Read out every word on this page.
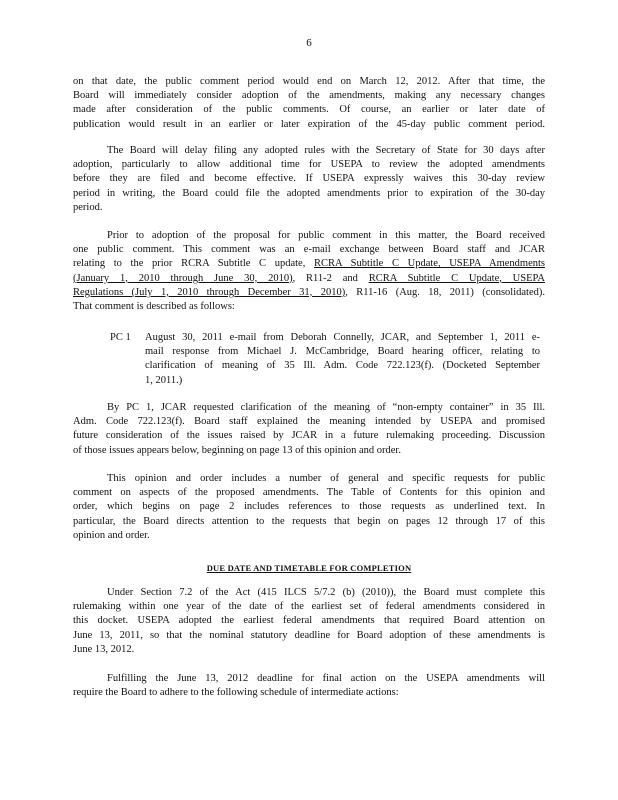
6
on that date, the public comment period would end on March 12, 2012. After that time, the
Board will immediately consider adoption of the amendments, making any necessary changes
made after consideration of the public comments. Of course, an earlier or later date of
publication would result in an earlier or later expiration of the 45-day public comment period.
The Board will delay filing any adopted rules with the Secretary of State for 30 days after
adoption, particularly to allow additional time for USEPA to review the adopted amendments
before they are filed and become effective. If USEPA expressly waives this 30-day review
period in writing, the Board could file the adopted amendments prior to expiration of the 30-day
period.
Prior to adoption of the proposal for public comment in this matter, the Board received
one public comment. This comment was an e-mail exchange between Board staff and JCAR
relating to the prior RCRA Subtitle C update, RCRA Subtitle C Update, USEPA Amendments
(January 1, 2010 through June 30, 2010), R11-2 and RCRA Subtitle C Update, USEPA
Regulations (July 1, 2010 through December 31, 2010), R11-16 (Aug. 18, 2011) (consolidated).
That comment is described as follows:
PC 1 August 30, 2011 e-mail from Deborah Connelly, JCAR, and September 1, 2011 e-
mail response from Michael J. McCambridge, Board hearing officer, relating to
clarification of meaning of 35 Ill. Adm. Code 722.123(f). (Docketed September
1, 2011.)
By PC 1, JCAR requested clarification of the meaning of “non-empty container” in 35 Ill.
Adm. Code 722.123(f). Board staff explained the meaning intended by USEPA and promised
future consideration of the issues raised by JCAR in a future rulemaking proceeding. Discussion
of those issues appears below, beginning on page 13 of this opinion and order.
This opinion and order includes a number of general and specific requests for public
comment on aspects of the proposed amendments. The Table of Contents for this opinion and
order, which begins on page 2 includes references to those requests as underlined text. In
particular, the Board directs attention to the requests that begin on pages 12 through 17 of this
opinion and order.
DUE DATE AND TIMETABLE FOR COMPLETION
Under Section 7.2 of the Act (415 ILCS 5/7.2 (b) (2010)), the Board must complete this
rulemaking within one year of the date of the earliest set of federal amendments considered in
this docket. USEPA adopted the earliest federal amendments that required Board attention on
June 13, 2011, so that the nominal statutory deadline for Board adoption of these amendments is
June 13, 2012.
Fulfilling the June 13, 2012 deadline for final action on the USEPA amendments will
require the Board to adhere to the following schedule of intermediate actions:
